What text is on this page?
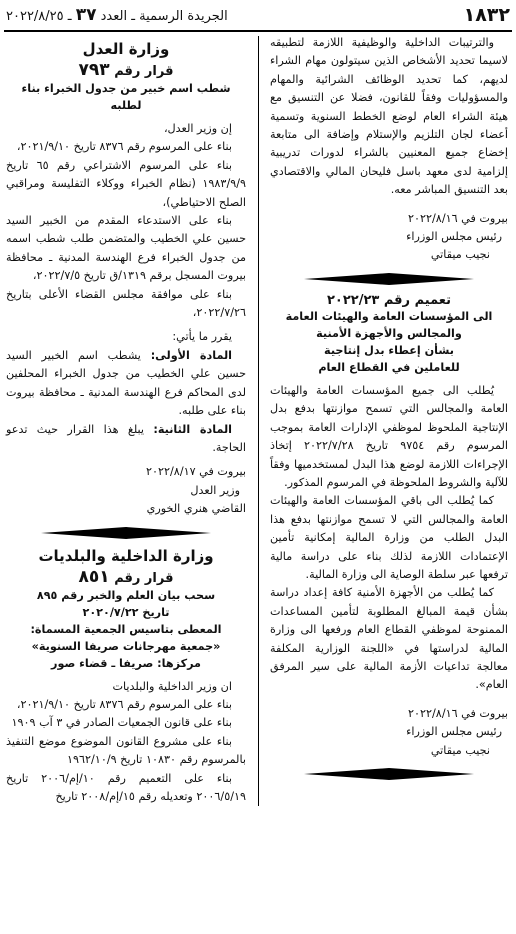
١٨٣٢
الجريدة الرسمية ـ العدد ٣٧ ـ ٢٠٢٢/٨/٢٥

والترتيبات الداخلية والوظيفية اللازمة لتطبيقه لاسيما تحديد الأشخاص الذين سيتولون مهام الشراء لديهم، كما تحديد الوظائف الشرائية والمهام والمسؤوليات وفقاً للقانون، فضلا عن التنسيق مع هيئة الشراء العام لوضع الخطط السنوية وتسمية أعضاء لجان التلزيم والإستلام وإضافة الى متابعة إخضاع جميع المعنيين بالشراء لدورات تدريبية إلزامية لدى معهد باسل فليحان المالي والاقتصادي بعد التنسيق المباشر معه.

بيروت في ٢٠٢٢/٨/١٦

رئيس مجلس الوزراء

نجيب ميقاتي

تعميم رقم ٢٠٢٢/٢٣
الى المؤسسات العامة والهيئات العامة
والمجالس والأجهزة الأمنية
بشأن إعطاء بدل إنتاجية
للعاملين في القطاع العام

يُطلب الى جميع المؤسسات العامة والهيئات العامة والمجالس التي تسمح موازنتها بدفع بدل الإنتاجية الملحوظ لموظفي الإدارات العامة بموجب المرسوم رقم ٩٧٥٤ تاريخ ٢٠٢٢/٧/٢٨ إتخاذ الإجراءات اللازمة لوضع هذا البدل لمستخدميها وفقاً للآلية والشروط الملحوظة في المرسوم المذكور.

كما يُطلب الى باقي المؤسسات العامة والهيئات العامة والمجالس التي لا تسمح موازنتها بدفع هذا البدل الطلب من وزارة المالية إمكانية تأمين الإعتمادات اللازمة لذلك بناء على دراسة مالية ترفعها عبر سلطة الوصاية الى وزارة المالية.

كما يُطلب من الأجهزة الأمنية كافة إعداد دراسة بشأن قيمة المبالغ المطلوبة لتأمين المساعدات الممنوحة لموظفي القطاع العام ورفعها الى وزارة المالية لدراستها في «اللجنة الوزارية المكلفة معالجة تداعيات الأزمة المالية على سير المرفق العام».

بيروت في ٢٠٢٢/٨/١٦

رئيس مجلس الوزراء

نجيب ميقاتي

وزارة العدل
قرار رقم ٧٩٣
شطب اسم خبير من جدول الخبراء بناء لطلبه

إن وزير العدل،

بناء على المرسوم رقم ٨٣٧٦ تاريخ ٢٠٢١/٩/١٠،

بناء على المرسوم الاشتراعي رقم ٦٥ تاريخ ١٩٨٣/٩/٩ (نظام الخبراء ووكلاء التفليسة ومراقبي الصلح الاحتياطي)،

بناء على الاستدعاء المقدم من الخبير السيد حسين علي الخطيب والمتضمن طلب شطب اسمه من جدول الخبراء فرع الهندسة المدنية ـ محافظة بيروت المسجل برقم ١٣١٩/ق تاريخ ٢٠٢٢/٧/٥،

بناء على موافقة مجلس القضاء الأعلى بتاريخ ٢٠٢٢/٧/٢٦،

يقرر ما يأتي:

المادة الأولى: يشطب اسم الخبير السيد حسين علي الخطيب من جدول الخبراء المحلفين لدى المحاكم فرع الهندسة المدنية ـ محافظة بيروت بناء على طلبه.

المادة الثانية: يبلغ هذا القرار حيث تدعو الحاجة.

بيروت في ٢٠٢٢/٨/١٧

وزير العدل

القاضي هنري الخوري

وزارة الداخلية والبلديات
قرار رقم ٨٥١
سحب بيان العلم والخبر رقم ٨٩٥
تاريخ ٢٠٢٠/٧/٢٢
المعطى بتاسيس الجمعية المسماة:
«جمعية مهرجانات صريفا السنوية»
مركزها: صريفا ـ قضاء صور

ان وزير الداخلية والبلديات

بناء على المرسوم رقم ٨٣٧٦ تاريخ ٢٠٢١/٩/١٠،

بناء على قانون الجمعيات الصادر في ٣ آب ١٩٠٩

بناء على مشروع القانون الموضوع موضع التنفيذ بالمرسوم رقم ١٠٨٣٠ تاريخ ١٩٦٢/١٠/٩

بناء على التعميم رقم ١٠/إم/٢٠٠٦ تاريخ ٢٠٠٦/٥/١٩ وتعديله رقم ١٥/إم/٢٠٠٨ تاريخ
